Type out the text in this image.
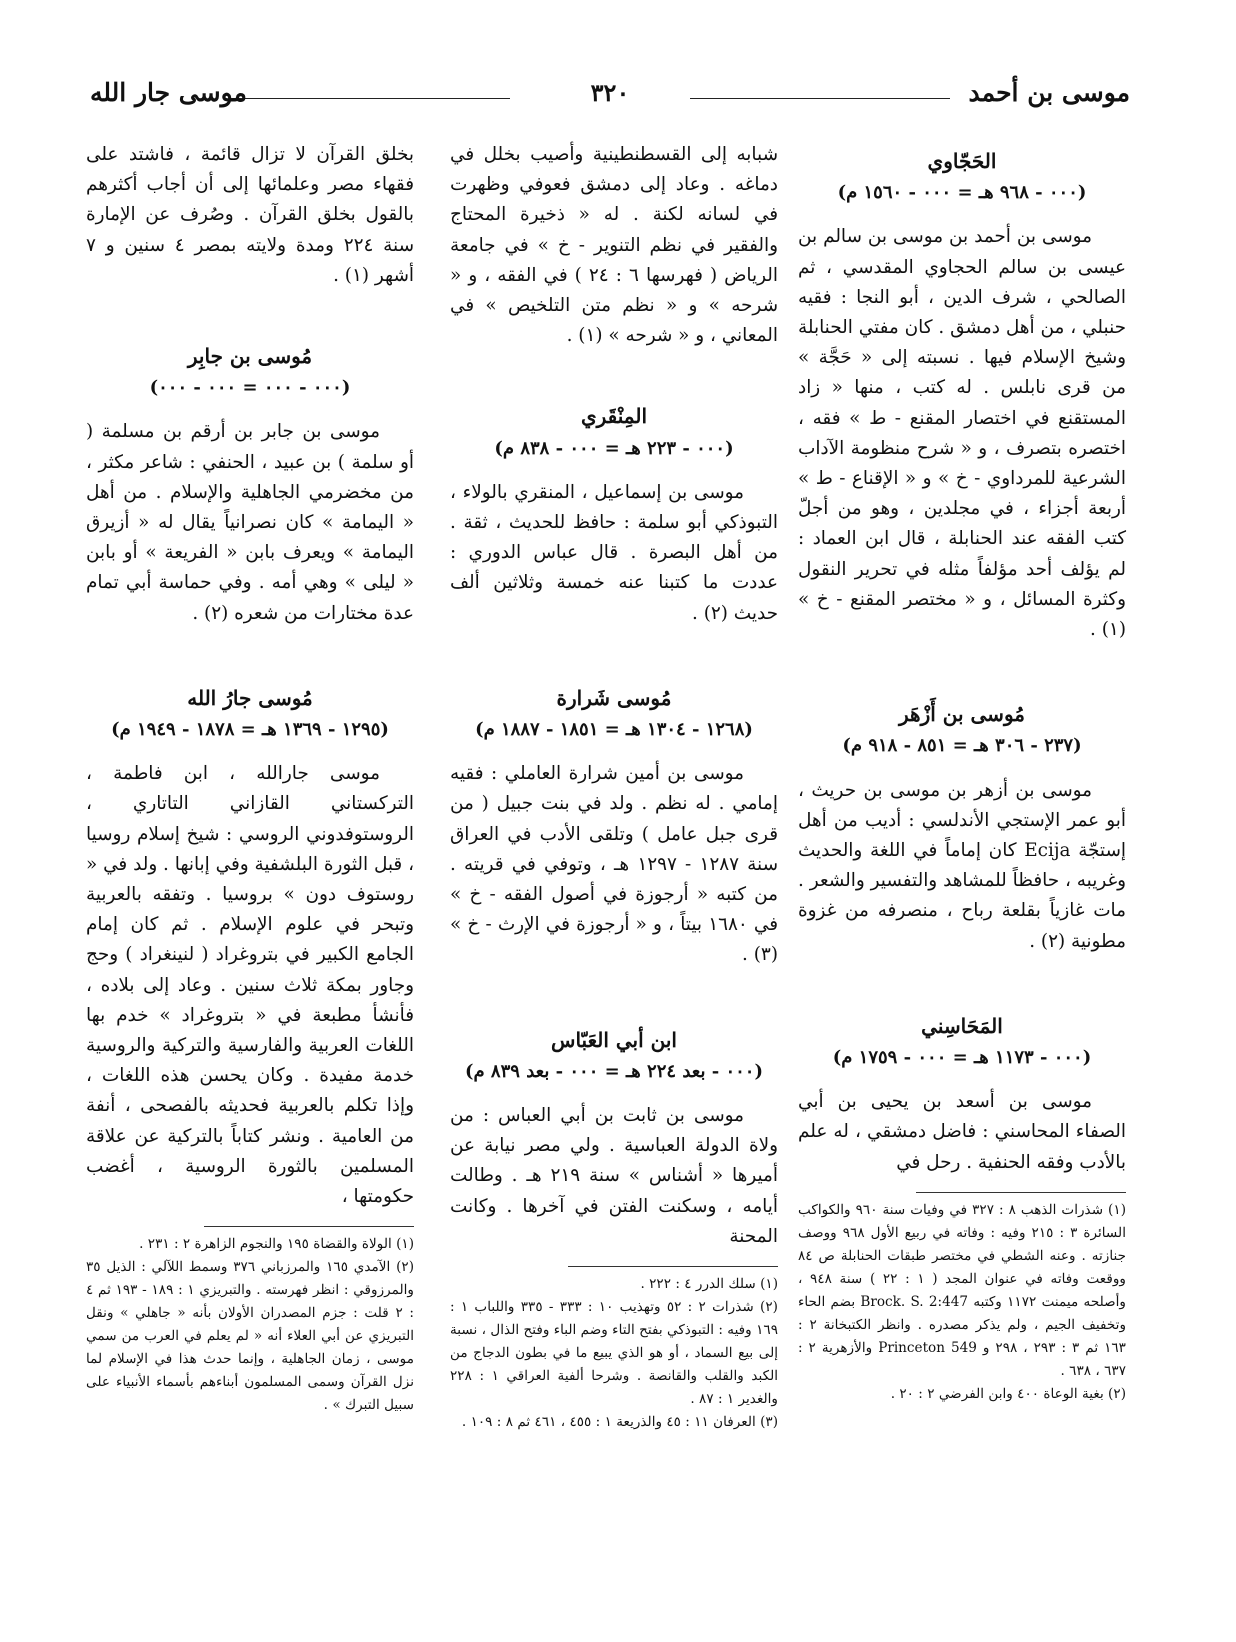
موسى بن أحمد
٣٢٠
موسى جار الله
الحَجّاوي
(٠٠٠ - ٩٦٨ هـ = ٠٠٠ - ١٥٦٠ م)

موسى بن أحمد بن موسى بن سالم بن عيسى بن سالم الحجاوي المقدسي ، ثم الصالحي ، شرف الدين ، أبو النجا : فقيه حنبلي ، من أهل دمشق . كان مفتي الحنابلة وشيخ الإسلام فيها . نسبته إلى « حَجَّة » من قرى نابلس . له كتب ، منها « زاد المستقنع في اختصار المقنع - ط » فقه ، اختصره بتصرف ، و « شرح منظومة الآداب الشرعية للمرداوي - خ » و « الإقناع - ط » أربعة أجزاء ، في مجلدين ، وهو من أجلّ كتب الفقه عند الحنابلة ، قال ابن العماد : لم يؤلف أحد مؤلفاً مثله في تحرير النقول وكثرة المسائل ، و « مختصر المقنع - خ » (١) .

مُوسى بن أَزْهَر
(٢٣٧ - ٣٠٦ هـ = ٨٥١ - ٩١٨ م)

موسى بن أزهر بن موسى بن حريث ، أبو عمر الإستجي الأندلسي : أديب من أهل إستجّة Ecija كان إماماً في اللغة والحديث وغريبه ، حافظاً للمشاهد والتفسير والشعر . مات غازياً بقلعة رباح ، منصرفه من غزوة مطونية (٢) .

المَحَاسِني
(٠٠٠ - ١١٧٣ هـ = ٠٠٠ - ١٧٥٩ م)

موسى بن أسعد بن يحيى بن أبي الصفاء المحاسني : فاضل دمشقي ، له علم بالأدب وفقه الحنفية . رحل في

(١) شذرات الذهب ٨ : ٣٢٧ في وفيات سنة ٩٦٠ والكواكب السائرة ٣ : ٢١٥ وفيه : وفاته في ربيع الأول ٩٦٨ ووصف جنازته . وعنه الشطي في مختصر طبقات الحنابلة ص ٨٤ ووقعت وفاته في عنوان المجد ( ١ : ٢٢ ) سنة ٩٤٨ ، وأصلحه ميمنت ١١٧٢ وكتبه Brock. S. 2:447 بضم الحاء وتخفيف الجيم ، ولم يذكر مصدره . وانظر الكتبخانة ٢ : ١٦٣ ثم ٣ : ٢٩٣ ، ٢٩٨ و Princeton 549 والأزهرية ٢ : ٦٣٧ ، ٦٣٨ .

(٢) بغية الوعاة ٤٠٠ وابن الفرضي ٢ : ٢٠ .

شبابه إلى القسطنطينية وأصيب بخلل في دماغه . وعاد إلى دمشق فعوفي وظهرت في لسانه لكنة . له « ذخيرة المحتاج والفقير في نظم التنوير - خ » في جامعة الرياض ( فهرسها ٦ : ٢٤ ) في الفقه ، و « شرحه » و « نظم متن التلخيص » في المعاني ، و « شرحه » (١) .

المِنْقَري
(٠٠٠ - ٢٢٣ هـ = ٠٠٠ - ٨٣٨ م)

موسى بن إسماعيل ، المنقري بالولاء ، التبوذكي أبو سلمة : حافظ للحديث ، ثقة . من أهل البصرة . قال عباس الدوري : عددت ما كتبنا عنه خمسة وثلاثين ألف حديث (٢) .

مُوسى شَرارة
(١٢٦٨ - ١٣٠٤ هـ = ١٨٥١ - ١٨٨٧ م)

موسى بن أمين شرارة العاملي : فقيه إمامي . له نظم . ولد في بنت جبيل ( من قرى جبل عامل ) وتلقى الأدب في العراق سنة ١٢٨٧ - ١٢٩٧ هـ ، وتوفي في قريته . من كتبه « أرجوزة في أصول الفقه - خ » في ١٦٨٠ بيتاً ، و « أرجوزة في الإرث - خ » (٣) .

ابن أبي العَبّاس
(٠٠٠ - بعد ٢٢٤ هـ = ٠٠٠ - بعد ٨٣٩ م)

موسى بن ثابت بن أبي العباس : من ولاة الدولة العباسية . ولي مصر نيابة عن أميرها « أشناس » سنة ٢١٩ هـ . وطالت أيامه ، وسكنت الفتن في آخرها . وكانت المحنة

(١) سلك الدرر ٤ : ٢٢٢ .

(٢) شذرات ٢ : ٥٢ وتهذيب ١٠ : ٣٣٣ - ٣٣٥ واللباب ١ : ١٦٩ وفيه : التبوذكي بفتح التاء وضم الباء وفتح الذال ، نسبة إلى بيع السماد ، أو هو الذي يبيع ما في بطون الدجاج من الكبد والقلب والقانصة . وشرحا ألفية العراقي ١ : ٢٢٨ والغدير ١ : ٨٧ .

(٣) العرفان ١١ : ٤٥ والذريعة ١ : ٤٥٥ ، ٤٦١ ثم ٨ : ١٠٩ .

بخلق القرآن لا تزال قائمة ، فاشتد على فقهاء مصر وعلمائها إلى أن أجاب أكثرهم بالقول بخلق القرآن . وصُرف عن الإمارة سنة ٢٢٤ ومدة ولايته بمصر ٤ سنين و ٧ أشهر (١) .

مُوسى بن جابِر
(٠٠٠ - ٠٠٠ = ٠٠٠ - ٠٠٠)

موسى بن جابر بن أرقم بن مسلمة ( أو سلمة ) بن عبيد ، الحنفي : شاعر مكثر ، من مخضرمي الجاهلية والإسلام . من أهل « اليمامة » كان نصرانياً يقال له « أزيرق اليمامة » ويعرف بابن « الفريعة » أو بابن « ليلى » وهي أمه . وفي حماسة أبي تمام عدة مختارات من شعره (٢) .

مُوسى جارُ الله
(١٢٩٥ - ١٣٦٩ هـ = ١٨٧٨ - ١٩٤٩ م)

موسى جارالله ، ابن فاطمة ، التركستاني القازاني التاتاري ، الروستوفدوني الروسي : شيخ إسلام روسيا ، قبل الثورة البلشفية وفي إبانها . ولد في « روستوف دون » بروسيا . وتفقه بالعربية وتبحر في علوم الإسلام . ثم كان إمام الجامع الكبير في بتروغراد ( لنينغراد ) وحج وجاور بمكة ثلاث سنين . وعاد إلى بلاده ، فأنشأ مطبعة في « بتروغراد » خدم بها اللغات العربية والفارسية والتركية والروسية خدمة مفيدة . وكان يحسن هذه اللغات ، وإذا تكلم بالعربية فحديثه بالفصحى ، أنفة من العامية . ونشر كتاباً بالتركية عن علاقة المسلمين بالثورة الروسية ، أغضب حكومتها ،

(١) الولاة والقضاة ١٩٥ والنجوم الزاهرة ٢ : ٢٣١ .

(٢) الآمدي ١٦٥ والمرزباني ٣٧٦ وسمط اللآلي : الذيل ٣٥ والمرزوقي : انظر فهرسته . والتبريزي ١ : ١٨٩ - ١٩٣ ثم ٤ : ٢ قلت : جزم المصدران الأولان بأنه « جاهلي » ونقل التبريزي عن أبي العلاء أنه « لم يعلم في العرب من سمي موسى ، زمان الجاهلية ، وإنما حدث هذا في الإسلام لما نزل القرآن وسمى المسلمون أبناءهم بأسماء الأنبياء على سبيل التبرك » .
